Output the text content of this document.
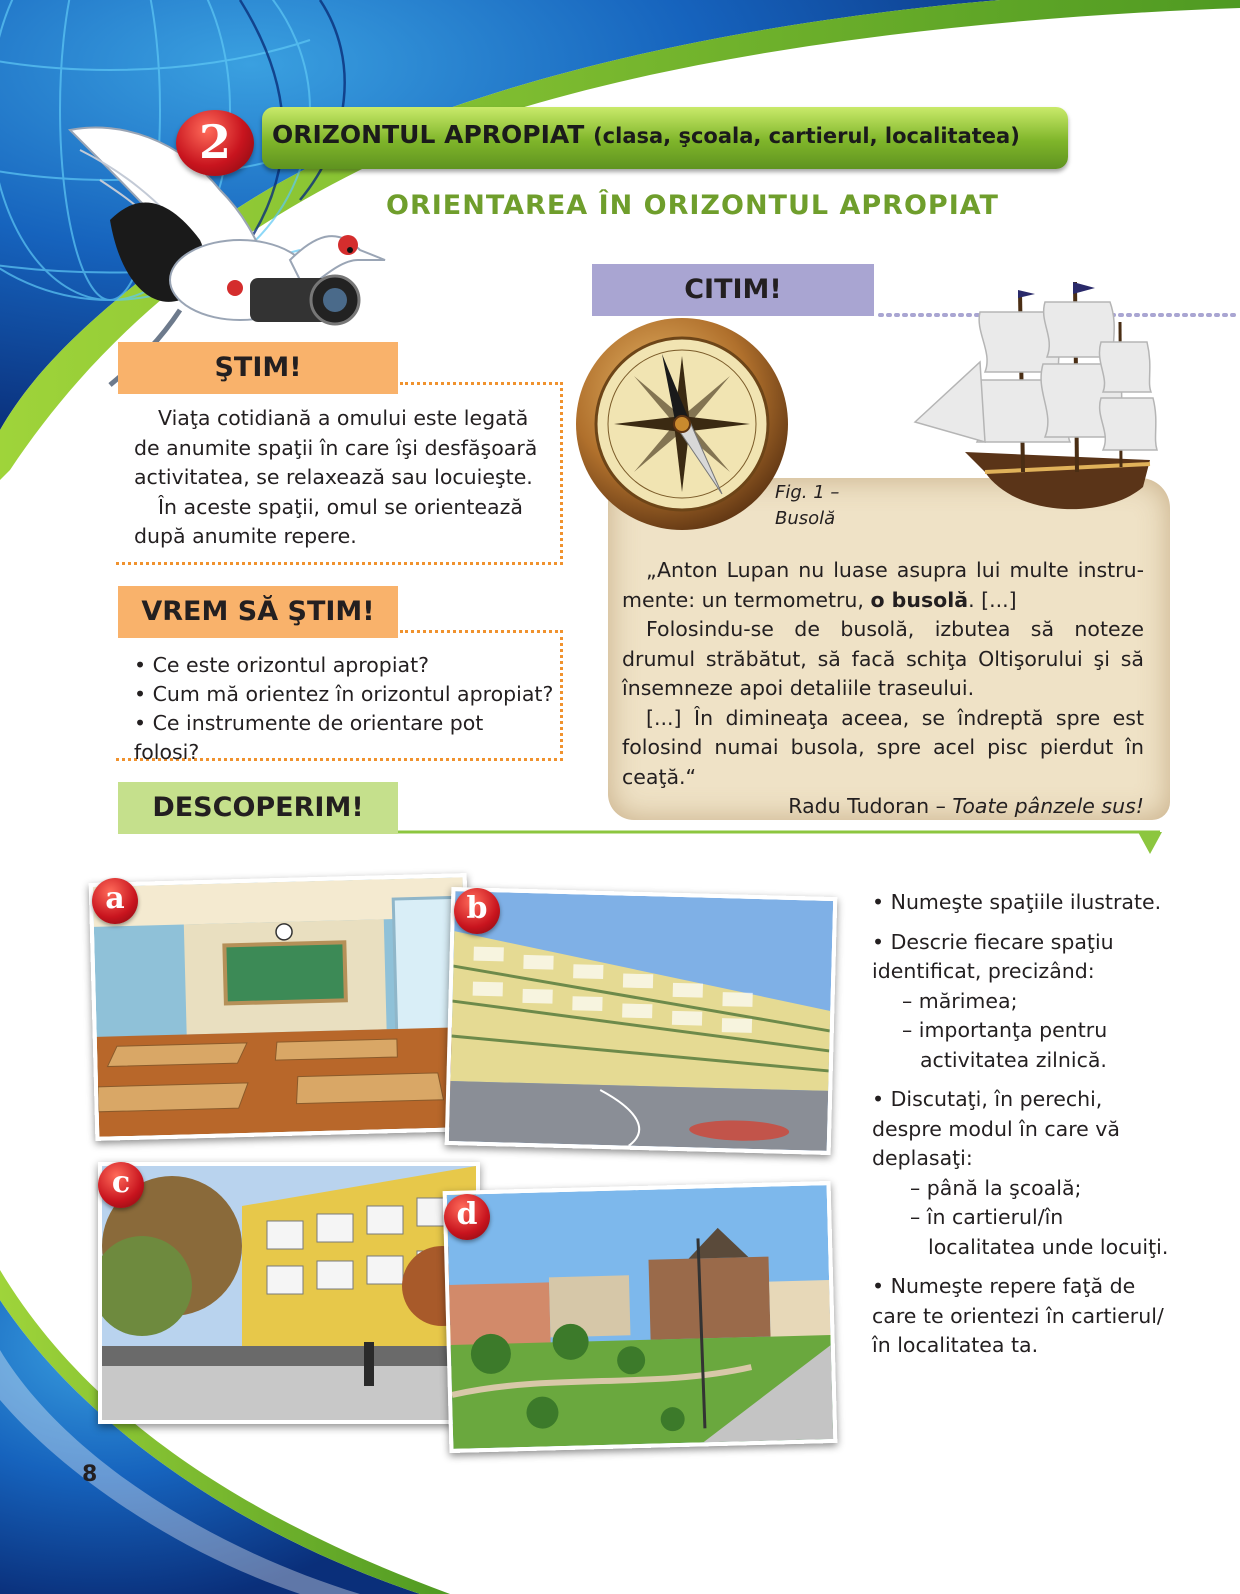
2	ORIZONTUL APROPIAT (clasa, şcoala, cartierul, localitatea)
ORIENTAREA ÎN ORIZONTUL APROPIAT
ŞTIM!

Viaţa cotidiană a omului este legată de anumite spaţii în care îşi desfăşoară activitatea, se relaxează sau locuieşte.

În aceste spaţii, omul se orientează după anumite repere.

VREM SĂ ŞTIM!
• Ce este orizontul apropiat?
• Cum mă orientez în orizontul apropiat?
• Ce instrumente de orientare pot folosi?
CITIM!
Fig. 1 –
Busolă

„Anton Lupan nu luase asupra lui multe instru-mente: un termometru, o busolă. [...]

Folosindu-se de busolă, izbutea să noteze drumul străbătut, să facă schiţa Oltişorului şi să însemneze apoi detaliile traseului.

[...] În dimineaţa aceea, se îndreptă spre est folosind numai busola, spre acel pisc pierdut în ceaţă.“

Radu Tudoran – Toate pânzele sus!

DESCOPERIM!
a	b
c
d

• Numeşte spaţiile ilustrate.

• Descrie fiecare spaţiu identificat, precizând:

– mărimea;

– importanţa pentru activitatea zilnică.

• Discutaţi, în perechi, despre modul în care vă deplasaţi:

– până la şcoală;

– în cartierul/în localitatea unde locuiţi.

• Numeşte repere faţă de care te orientezi în cartierul/în localitatea ta.

8
